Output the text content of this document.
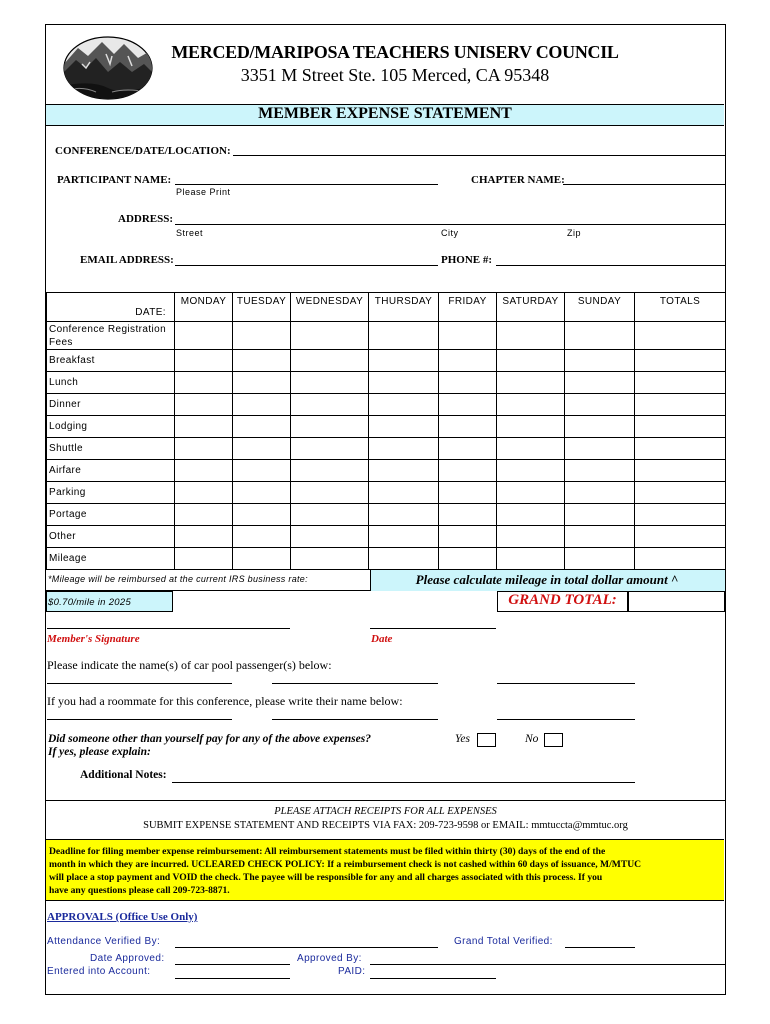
MERCED/MARIPOSA TEACHERS UNISERV COUNCIL
3351 M Street Ste. 105 Merced, CA 95348
MEMBER EXPENSE STATEMENT
CONFERENCE/DATE/LOCATION:
PARTICIPANT NAME:
Please Print
CHAPTER NAME:
ADDRESS:
Street	City	Zip
EMAIL ADDRESS:	PHONE #:
DATE:	MONDAY	TUESDAY	WEDNESDAY	THURSDAY	FRIDAY	SATURDAY	SUNDAY	TOTALS
Conference Registration Fees								
Breakfast								
Lunch								
Dinner								
Lodging								
Shuttle								
Airfare								
Parking								
Portage								
Other								
Mileage								
*Mileage will be reimbursed at the current IRS business rate:	Please calculate mileage in total dollar amount ^
$0.70/mile in 2025	GRAND TOTAL:
Member's Signature	Date
Please indicate the name(s) of car pool passenger(s) below:
If you had a roommate for this conference, please write their name below:
Did someone other than yourself pay for any of the above expenses?
If yes, please explain:
Yes	No
Additional Notes:
PLEASE ATTACH RECEIPTS FOR ALL EXPENSES
SUBMIT EXPENSE STATEMENT AND RECEIPTS VIA FAX: 209-723-9598 or EMAIL: mmtuccta@mmtuc.org
Deadline for filing member expense reimbursement: All reimbursement statements must be filed within thirty (30) days of the end of the
month in which they are incurred. UCLEARED CHECK POLICY: If a reimbursement check is not cashed within 60 days of issuance, M/MTUC
will place a stop payment and VOID the check. The payee will be responsible for any and all charges associated with this process. If you
have any questions please call 209-723-8871.
APPROVALS (Office Use Only)
Attendance Verified By:	Grand Total Verified:
Date Approved:	Approved By:
Entered into Account:	PAID:
